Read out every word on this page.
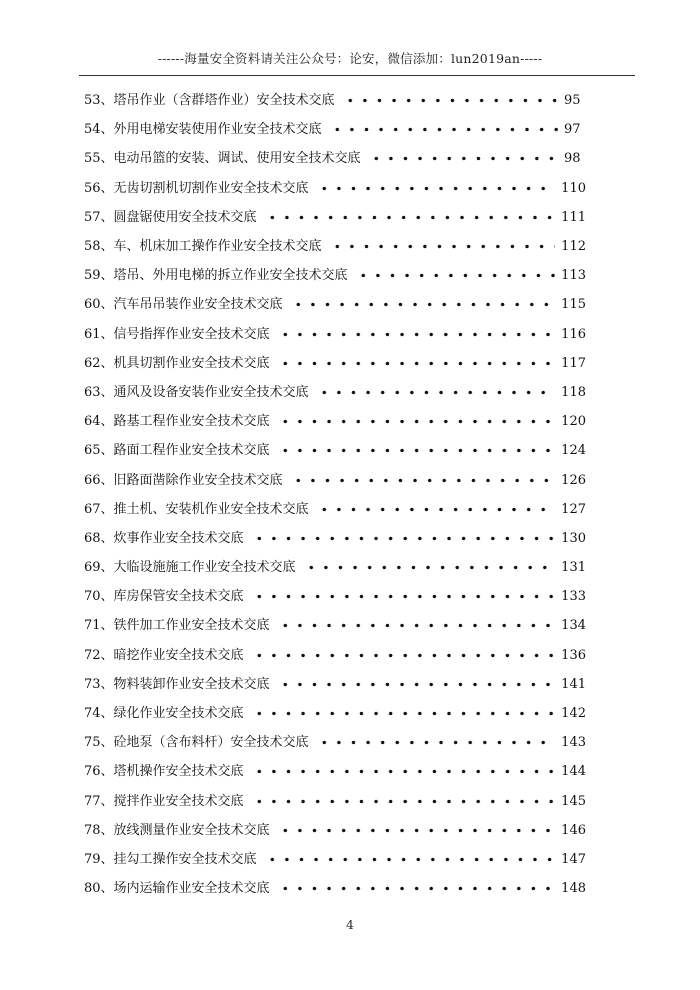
------海量安全资料请关注公众号：论安，微信添加：lun2019an-----
53、 塔吊作业（含群塔作业）安全技术交底	95
54、 外用电梯安装使用作业安全技术交底	97
55、 电动吊篮的安装、调试、使用安全技术交底	98
56、 无齿切割机切割作业安全技术交底	110
57、 圆盘锯使用安全技术交底	111
58、 车、机床加工操作作业安全技术交底	112
59、 塔吊、外用电梯的拆立作业安全技术交底	113
60、 汽车吊吊装作业安全技术交底	115
61、 信号指挥作业安全技术交底	116
62、 机具切割作业安全技术交底	117
63、 通风及设备安装作业安全技术交底	118
64、 路基工程作业安全技术交底	120
65、 路面工程作业安全技术交底	124
66、 旧路面凿除作业安全技术交底	126
67、 推土机、安装机作业安全技术交底	127
68、 炊事作业安全技术交底	130
69、 大临设施施工作业安全技术交底	131
70、 库房保管安全技术交底	133
71、 铁件加工作业安全技术交底	134
72、 暗挖作业安全技术交底	136
73、 物料装卸作业安全技术交底	141
74、 绿化作业安全技术交底	142
75、 砼地泵（含布料杆）安全技术交底	143
76、 塔机操作安全技术交底	144
77、 搅拌作业安全技术交底	145
78、 放线测量作业安全技术交底	146
79、 挂勾工操作安全技术交底	147
80、 场内运输作业安全技术交底	148
4
